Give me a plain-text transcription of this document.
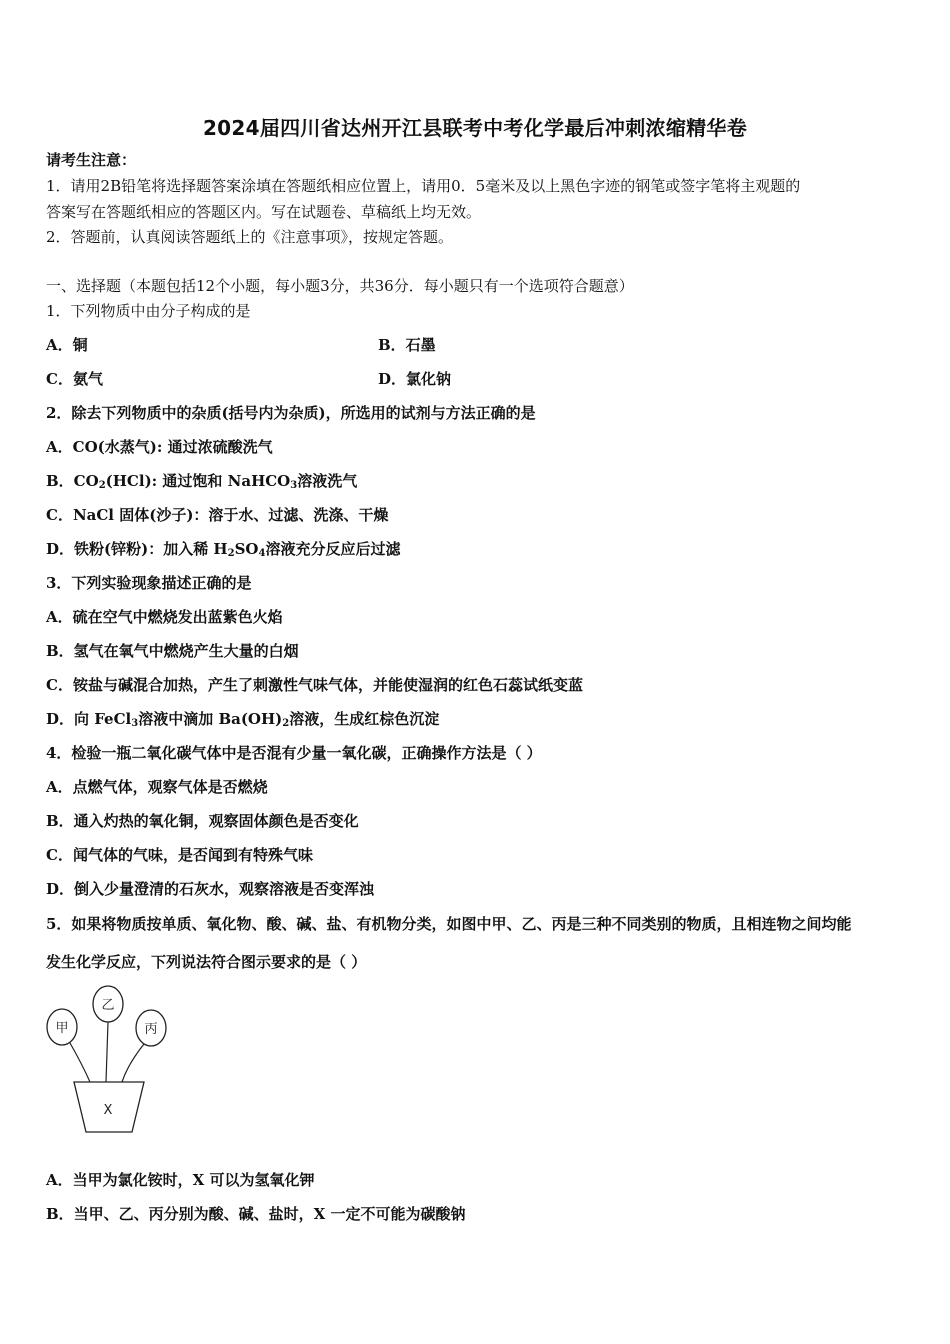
2024届四川省达州开江县联考中考化学最后冲刺浓缩精华卷
请考生注意：
1．请用2B铅笔将选择题答案涂填在答题纸相应位置上，请用0．5毫米及以上黑色字迹的钢笔或签字笔将主观题的
答案写在答题纸相应的答题区内。写在试题卷、草稿纸上均无效。
2．答题前，认真阅读答题纸上的《注意事项》，按规定答题。
一、选择题（本题包括12个小题，每小题3分，共36分．每小题只有一个选项符合题意）
1．下列物质中由分子构成的是
A．铜	B．石墨
C．氨气	D．氯化钠
2．除去下列物质中的杂质(括号内为杂质)，所选用的试剂与方法正确的是
A．CO(水蒸气): 通过浓硫酸洗气
B．$CO_2(HCl)$: 通过饱和 NaHCO$_3$溶液洗气
C．NaCl 固体(沙子)：溶于水、过滤、洗涤、干燥
D．铁粉(锌粉)：加入稀 $H_2SO_4$溶液充分反应后过滤
3．下列实验现象描述正确的是
A．硫在空气中燃烧发出蓝紫色火焰
B．氢气在氧气中燃烧产生大量的白烟
C．铵盐与碱混合加热，产生了刺激性气味气体，并能使湿润的红色石蕊试纸变蓝
D．向 FeCl$_3$溶液中滴加 $Ba(OH)_2$溶液，生成红棕色沉淀
4．检验一瓶二氧化碳气体中是否混有少量一氧化碳，正确操作方法是（ ）
A．点燃气体，观察气体是否燃烧
B．通入灼热的氧化铜，观察固体颜色是否变化
C．闻气体的气味，是否闻到有特殊气味
D．倒入少量澄清的石灰水，观察溶液是否变浑浊
5．如果将物质按单质、氧化物、酸、碱、盐、有机物分类，如图中甲、乙、丙是三种不同类别的物质，且相连物之间均能
发生化学反应，下列说法符合图示要求的是（ ）
甲
乙
丙
X
A．当甲为氯化铵时，X 可以为氢氧化钾
B．当甲、乙、丙分别为酸、碱、盐时，X 一定不可能为碳酸钠
